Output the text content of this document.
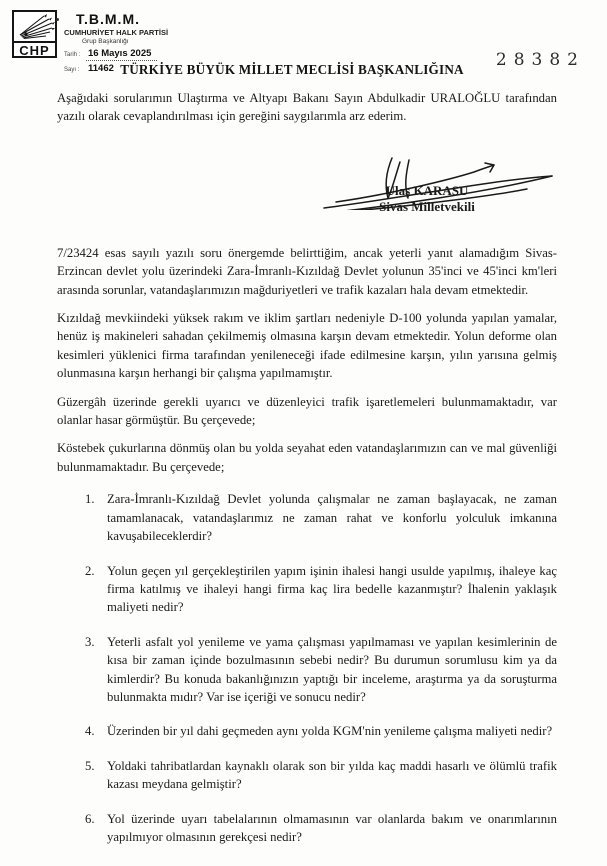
CHP
T.B.M.M.
CUMHURİYET HALK PARTİSİ
Grup Başkanlığı
Tarih : 16 Mayıs 2025
Sayı : 11462	28382
TÜRKİYE BÜYÜK MİLLET MECLİSİ BAŞKANLIĞINA

Aşağıdaki sorularımın Ulaştırma ve Altyapı Bakanı Sayın Abdulkadir URALOĞLU tarafından yazılı olarak cevaplandırılması için gereğini saygılarımla arz ederim.

Ulaş KARASU
Sivas Milletvekili

7/23424 esas sayılı yazılı soru önergemde belirttiğim, ancak yeterli yanıt alamadığım Sivas-Erzincan devlet yolu üzerindeki Zara-İmranlı-Kızıldağ Devlet yolunun 35'inci ve 45'inci km'leri arasında sorunlar, vatandaşlarımızın mağduriyetleri ve trafik kazaları hala devam etmektedir.

Kızıldağ mevkiindeki yüksek rakım ve iklim şartları nedeniyle D-100 yolunda yapılan yamalar, henüz iş makineleri sahadan çekilmemiş olmasına karşın devam etmektedir. Yolun deforme olan kesimleri yüklenici firma tarafından yenileneceği ifade edilmesine karşın, yılın yarısına gelmiş olunmasına karşın herhangi bir çalışma yapılmamıştır.

Güzergâh üzerinde gerekli uyarıcı ve düzenleyici trafik işaretlemeleri bulunmamaktadır, var olanlar hasar görmüştür. Bu çerçevede;

Köstebek çukurlarına dönmüş olan bu yolda seyahat eden vatandaşlarımızın can ve mal güvenliği bulunmamaktadır. Bu çerçevede;

1. Zara-İmranlı-Kızıldağ Devlet yolunda çalışmalar ne zaman başlayacak, ne zaman tamamlanacak, vatandaşlarımız ne zaman rahat ve konforlu yolculuk imkanına kavuşabileceklerdir?
2. Yolun geçen yıl gerçekleştirilen yapım işinin ihalesi hangi usulde yapılmış, ihaleye kaç firma katılmış ve ihaleyi hangi firma kaç lira bedelle kazanmıştır? İhalenin yaklaşık maliyeti nedir?
3. Yeterli asfalt yol yenileme ve yama çalışması yapılmaması ve yapılan kesimlerinin de kısa bir zaman içinde bozulmasının sebebi nedir? Bu durumun sorumlusu kim ya da kimlerdir? Bu konuda bakanlığınızın yaptığı bir inceleme, araştırma ya da soruşturma bulunmakta mıdır? Var ise içeriği ve sonucu nedir?
4. Üzerinden bir yıl dahi geçmeden aynı yolda KGM'nin yenileme çalışma maliyeti nedir?
5. Yoldaki tahribatlardan kaynaklı olarak son bir yılda kaç maddi hasarlı ve ölümlü trafik kazası meydana gelmiştir?
6. Yol üzerinde uyarı tabelalarının olmamasının var olanlarda bakım ve onarımlarının yapılmıyor olmasının gerekçesi nedir?
